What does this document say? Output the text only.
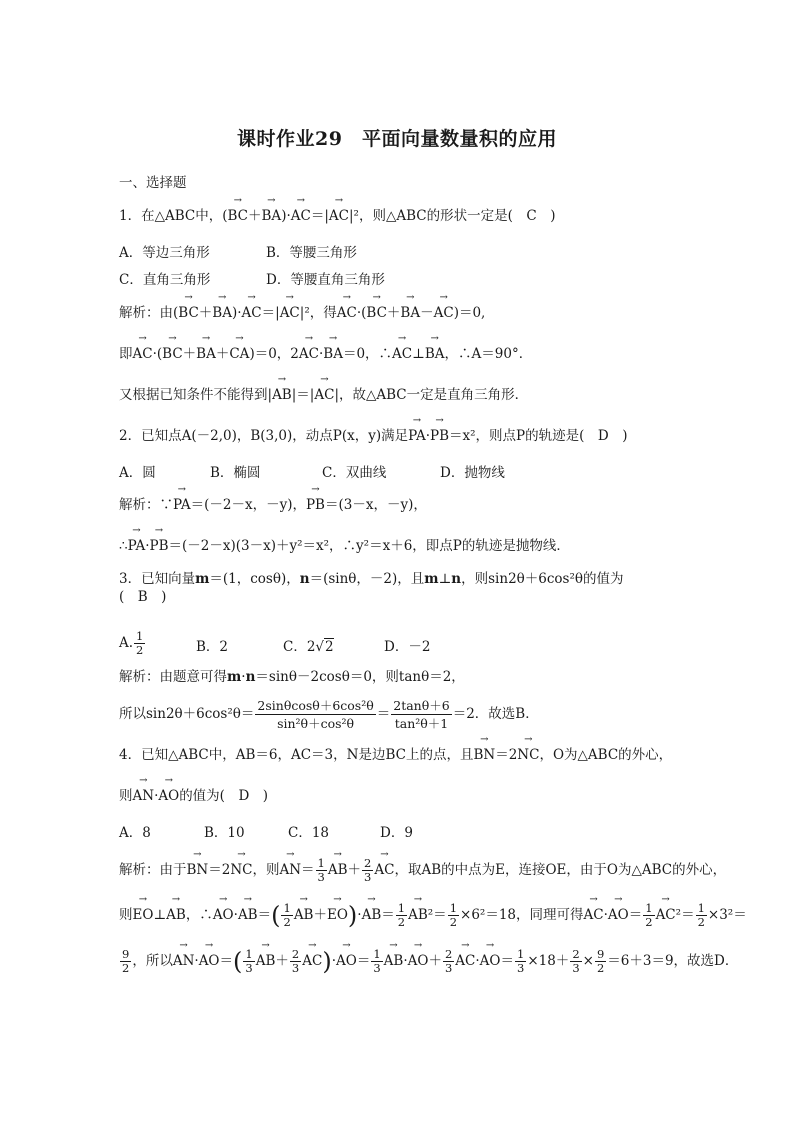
课时作业29　平面向量数量积的应用
一、选择题
1．在△ABC中，(→ BC＋→ BA)·→ AC＝|→ AC|²，则△ABC的形状一定是(　C　)
A．等边三角形	B．等腰三角形
C．直角三角形	D．等腰直角三角形
解析：由(→ BC＋→ BA)·→ AC＝|→ AC|²，得→ AC·(→ BC＋→ BA－→ AC)＝0,
即→ AC·(→ BC＋→ BA＋→ CA)＝0，2→ AC·→ BA＝0，∴→ AC⊥→ BA，∴A＝90°．
又根据已知条件不能得到|→ AB|＝|→ AC|，故△ABC一定是直角三角形．
2．已知点A(－2,0)，B(3,0)，动点P(x，y)满足→ PA·→ PB＝x²，则点P的轨迹是(　D　)
A．圆	B．椭圆	C．双曲线	D．抛物线
解析：∵→ PA＝(－2－x，－y)，→ PB＝(3－x，－y)，
∴→ PA·→ PB＝(－2－x)(3－x)＋y²＝x²，∴y²＝x＋6，即点P的轨迹是抛物线．
3．已知向量m＝(1，cosθ)，n＝(sinθ，－2)，且m⊥n，则sin2θ＋6cos²θ的值为
(　B　)
A. $\frac{1}{2}$	B．2	C．2√2	D．－2
解析：由题意可得m·n＝sinθ－2cosθ＝0，则tanθ＝2，
所以$\sin 2\theta+6\cos^2\theta= \frac{\text{2sinθcosθ＋6cos²θ}}{\text{sin²θ＋cos²θ}} = \frac{2\tan\theta+6}{\text{tan²θ＋1}} =2$．故选B．
4．已知△ABC中，AB＝6，AC＝3，N是边BC上的点，且→ BN＝2→ NC，O为△ABC的外心，
则→ AN·→ AO的值为(　D　)
A．8	B．10	C．18	D．9
解析：由于→ BN＝2→ NC，则→ $AN= \frac{1}{3}$
→ $AB+ \frac{2}{3}$
→ AC，取AB的中点为E，连接OE，由于O为△ABC的外心，
则→ EO⊥→ AB，∴→ $AO\cdot\to AB=( \frac{1}{2}$
→ $AB+\to EO)\cdot\to AB= \frac{1}{2}$
→ $AB^2= \frac{1}{2} \times 6^2=18$，同理可得→ $AC\cdot\to AO= \frac{1}{2}$
→ $AC^2= \frac{1}{2} \times 3^2=$
$\frac{9}{2}$ ，所以→ $AN\cdot\to AO=( \frac{1}{3}$
→ $AB+ \frac{2}{3}$
→ $AC)\cdot\to AO= \frac{1}{3}$
→ $AB\cdot\to AO+ \frac{2}{3}$
→ $AC\cdot\to AO= \frac{1}{3} \times 18+ \frac{2}{3} \times \frac{9}{2} =6+3=9$，故选D．
